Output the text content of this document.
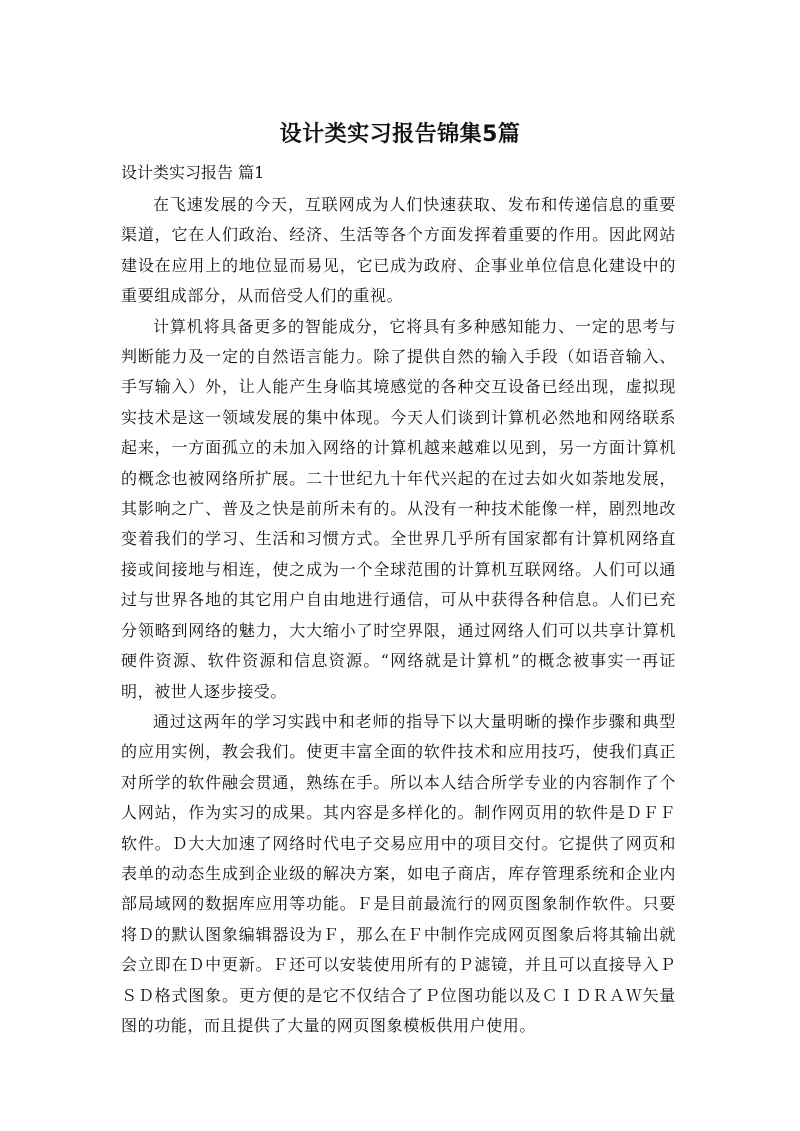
设计类实习报告锦集5篇
设计类实习报告 篇1

在飞速发展的今天，互联网成为人们快速获取、发布和传递信息的重要渠道，它在人们政治、经济、生活等各个方面发挥着重要的作用。因此网站建设在应用上的地位显而易见，它已成为政府、企事业单位信息化建设中的重要组成部分，从而倍受人们的重视。

计算机将具备更多的智能成分，它将具有多种感知能力、一定的思考与判断能力及一定的自然语言能力。除了提供自然的输入手段（如语音输入、手写输入）外，让人能产生身临其境感觉的各种交互设备已经出现，虚拟现实技术是这一领域发展的集中体现。今天人们谈到计算机必然地和网络联系起来，一方面孤立的未加入网络的计算机越来越难以见到，另一方面计算机的概念也被网络所扩展。二十世纪九十年代兴起的在过去如火如荼地发展，其影响之广、普及之快是前所未有的。从没有一种技术能像一样，剧烈地改变着我们的学习、生活和习惯方式。全世界几乎所有国家都有计算机网络直接或间接地与相连，使之成为一个全球范围的计算机互联网络。人们可以通过与世界各地的其它用户自由地进行通信，可从中获得各种信息。人们已充分领略到网络的魅力，大大缩小了时空界限，通过网络人们可以共享计算机硬件资源、软件资源和信息资源。“网络就是计算机”的概念被事实一再证明，被世人逐步接受。

通过这两年的学习实践中和老师的指导下以大量明晰的操作步骤和典型的应用实例，教会我们。使更丰富全面的软件技术和应用技巧，使我们真正对所学的软件融会贯通，熟练在手。所以本人结合所学专业的内容制作了个人网站，作为实习的成果。其内容是多样化的。制作网页用的软件是ＤＦＦ软件。Ｄ大大加速了网络时代电子交易应用中的项目交付。它提供了网页和表单的动态生成到企业级的解决方案，如电子商店，库存管理系统和企业内部局域网的数据库应用等功能。Ｆ是目前最流行的网页图象制作软件。只要将Ｄ的默认图象编辑器设为Ｆ，那么在Ｆ中制作完成网页图象后将其输出就会立即在Ｄ中更新。Ｆ还可以安装使用所有的Ｐ滤镜，并且可以直接导入ＰＳＤ格式图象。更方便的是它不仅结合了Ｐ位图功能以及ＣＩＤＲＡＷ矢量图的功能，而且提供了大量的网页图象模板供用户使用。
